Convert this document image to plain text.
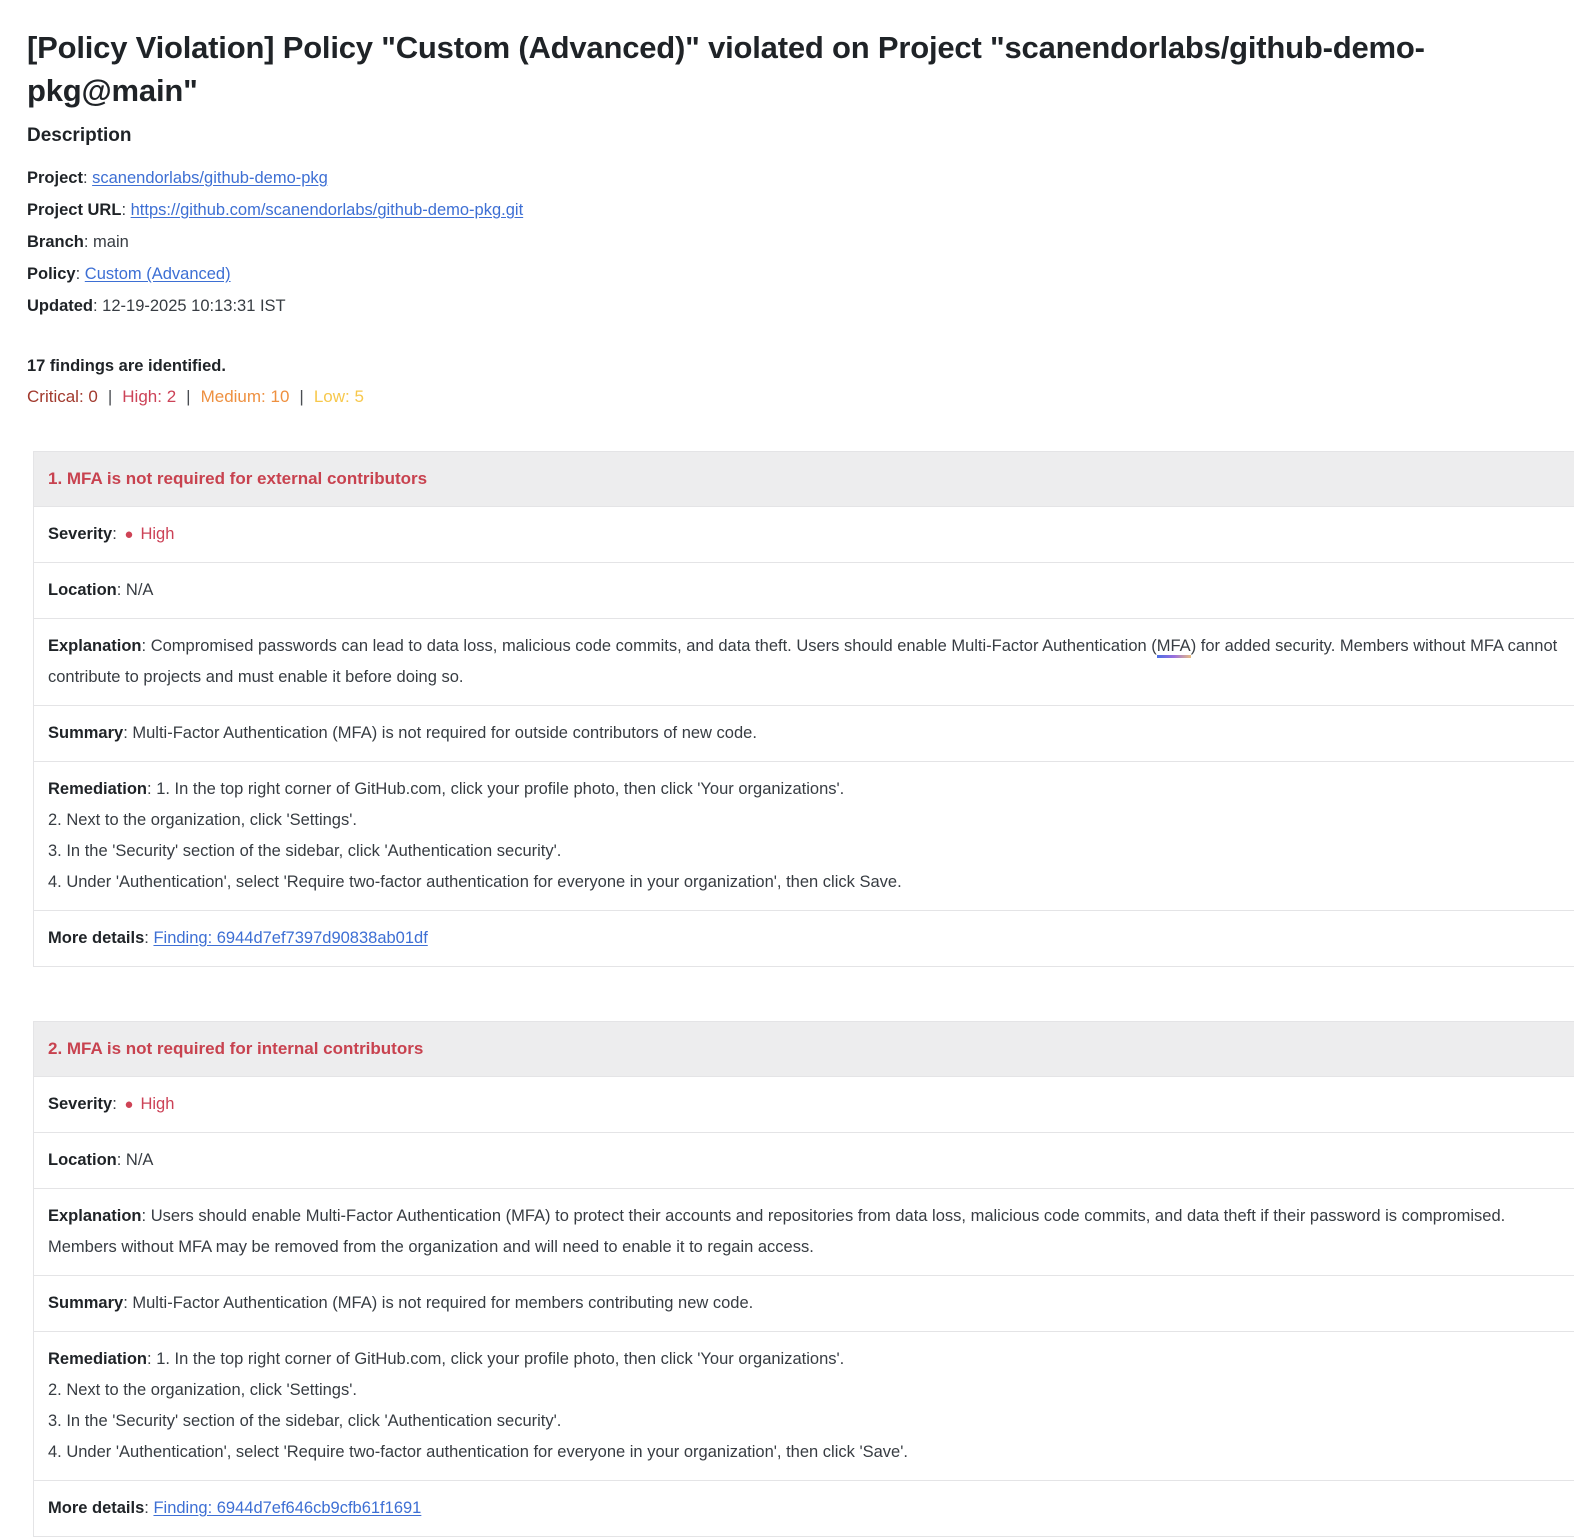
[Policy Violation] Policy "Custom (Advanced)" violated on Project "scanendorlabs/github-demo-pkg@main"
Description
Project: scanendorlabs/github-demo-pkg
Project URL: https://github.com/scanendorlabs/github-demo-pkg.git
Branch: main
Policy: Custom (Advanced)
Updated: 12-19-2025 10:13:31 IST
17 findings are identified.
Critical: 0 | High: 2 | Medium: 10 | Low: 5
1. MFA is not required for external contributors
Severity: ● High
Location: N/A
Explanation: Compromised passwords can lead to data loss, malicious code commits, and data theft. Users should enable Multi-Factor Authentication (MFA) for added security. Members without MFA cannot contribute to projects and must enable it before doing so.
Summary: Multi-Factor Authentication (MFA) is not required for outside contributors of new code.
Remediation: 1. In the top right corner of GitHub.com, click your profile photo, then click 'Your organizations'.
2. Next to the organization, click 'Settings'.
3. In the 'Security' section of the sidebar, click 'Authentication security'.
4. Under 'Authentication', select 'Require two-factor authentication for everyone in your organization', then click Save.
More details: Finding: 6944d7ef7397d90838ab01df
2. MFA is not required for internal contributors
Severity: ● High
Location: N/A
Explanation: Users should enable Multi-Factor Authentication (MFA) to protect their accounts and repositories from data loss, malicious code commits, and data theft if their password is compromised. Members without MFA may be removed from the organization and will need to enable it to regain access.
Summary: Multi-Factor Authentication (MFA) is not required for members contributing new code.
Remediation: 1. In the top right corner of GitHub.com, click your profile photo, then click 'Your organizations'.
2. Next to the organization, click 'Settings'.
3. In the 'Security' section of the sidebar, click 'Authentication security'.
4. Under 'Authentication', select 'Require two-factor authentication for everyone in your organization', then click 'Save'.
More details: Finding: 6944d7ef646cb9cfb61f1691
